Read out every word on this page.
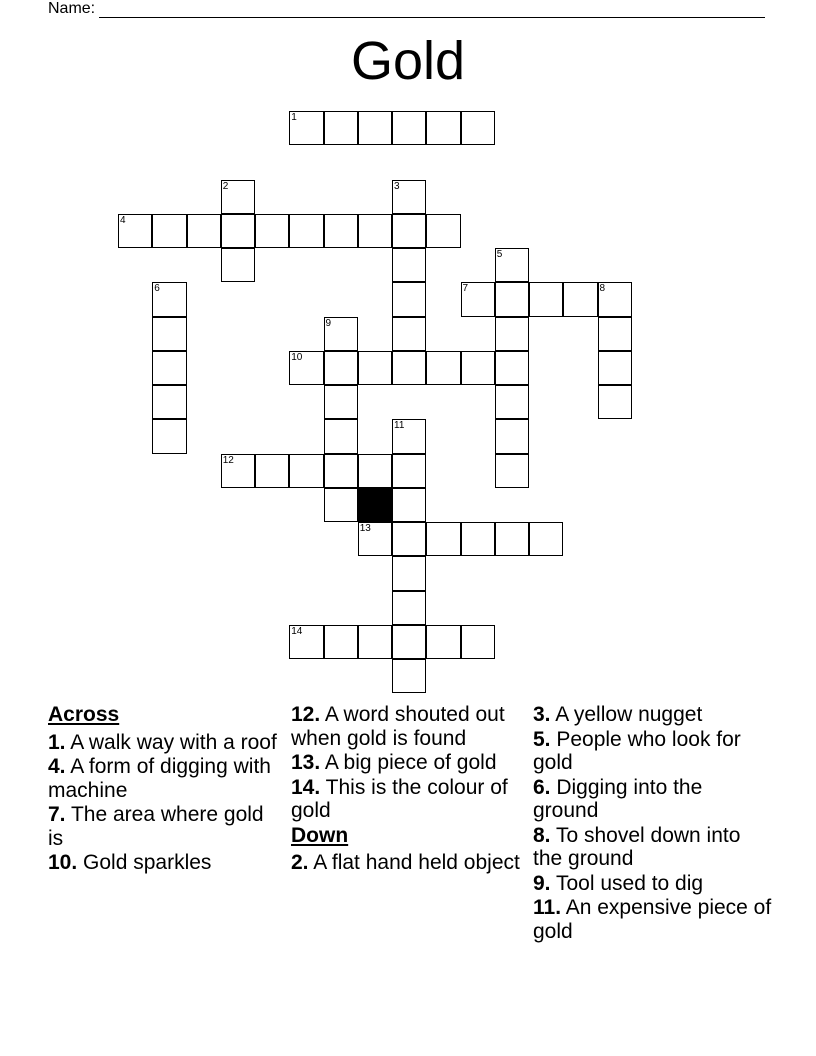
Name:
Gold
1
2	3
4
5
6	7	8
9
10
11
12
13
14
Across
1. A walk way with a roof
4. A form of digging with machine
7. The area where gold is
10. Gold sparkles
12. A word shouted out when gold is found
13. A big piece of gold
14. This is the colour of gold
Down
2. A flat hand held object
3. A yellow nugget
5. People who look for gold
6. Digging into the ground
8. To shovel down into the ground
9. Tool used to dig
11. An expensive piece of gold
